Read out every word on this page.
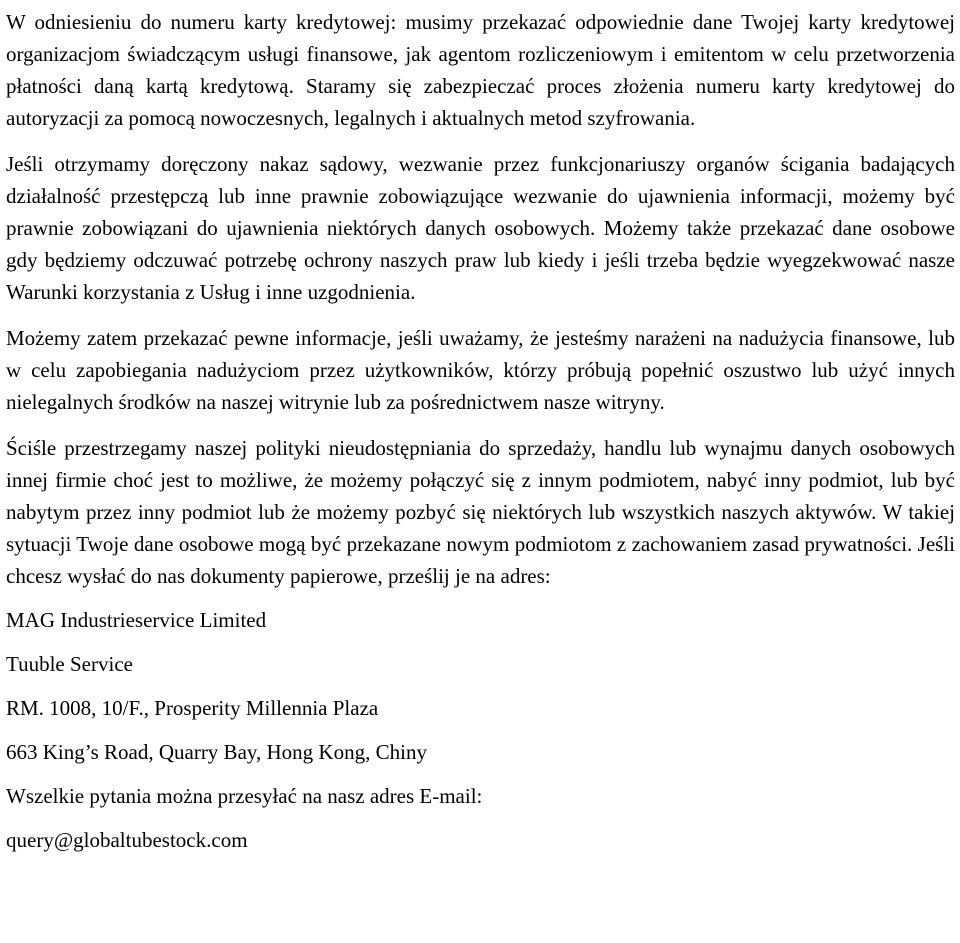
W odniesieniu do numeru karty kredytowej: musimy przekazać odpowiednie dane Twojej karty kredytowej organizacjom świadczącym usługi finansowe, jak agentom rozliczeniowym i emitentom w celu przetworzenia płatności daną kartą kredytową. Staramy się zabezpieczać proces złożenia numeru karty kredytowej do autoryzacji za pomocą nowoczesnych, legalnych i aktualnych metod szyfrowania.

Jeśli otrzymamy doręczony nakaz sądowy, wezwanie przez funkcjonariuszy organów ścigania badających działalność przestępczą lub inne prawnie zobowiązujące wezwanie do ujawnienia informacji, możemy być prawnie zobowiązani do ujawnienia niektórych danych osobowych. Możemy także przekazać dane osobowe gdy będziemy odczuwać potrzebę ochrony naszych praw lub kiedy i jeśli trzeba będzie wyegzekwować nasze Warunki korzystania z Usług i inne uzgodnienia.

Możemy zatem przekazać pewne informacje, jeśli uważamy, że jesteśmy narażeni na nadużycia finansowe, lub w celu zapobiegania nadużyciom przez użytkowników, którzy próbują popełnić oszustwo lub użyć innych nielegalnych środków na naszej witrynie lub za pośrednictwem nasze witryny.

Ściśle przestrzegamy naszej polityki nieudostępniania do sprzedaży, handlu lub wynajmu danych osobowych innej firmie choć jest to możliwe, że możemy połączyć się z innym podmiotem, nabyć inny podmiot, lub być nabytym przez inny podmiot lub że możemy pozbyć się niektórych lub wszystkich naszych aktywów. W takiej sytuacji Twoje dane osobowe mogą być przekazane nowym podmiotom z zachowaniem zasad prywatności. Jeśli chcesz wysłać do nas dokumenty papierowe, prześlij je na adres:

MAG Industrieservice Limited

Tuuble Service

RM. 1008, 10/F., Prosperity Millennia Plaza

663 King’s Road, Quarry Bay, Hong Kong, Chiny

Wszelkie pytania można przesyłać na nasz adres E-mail:

query@globaltubestock.com
